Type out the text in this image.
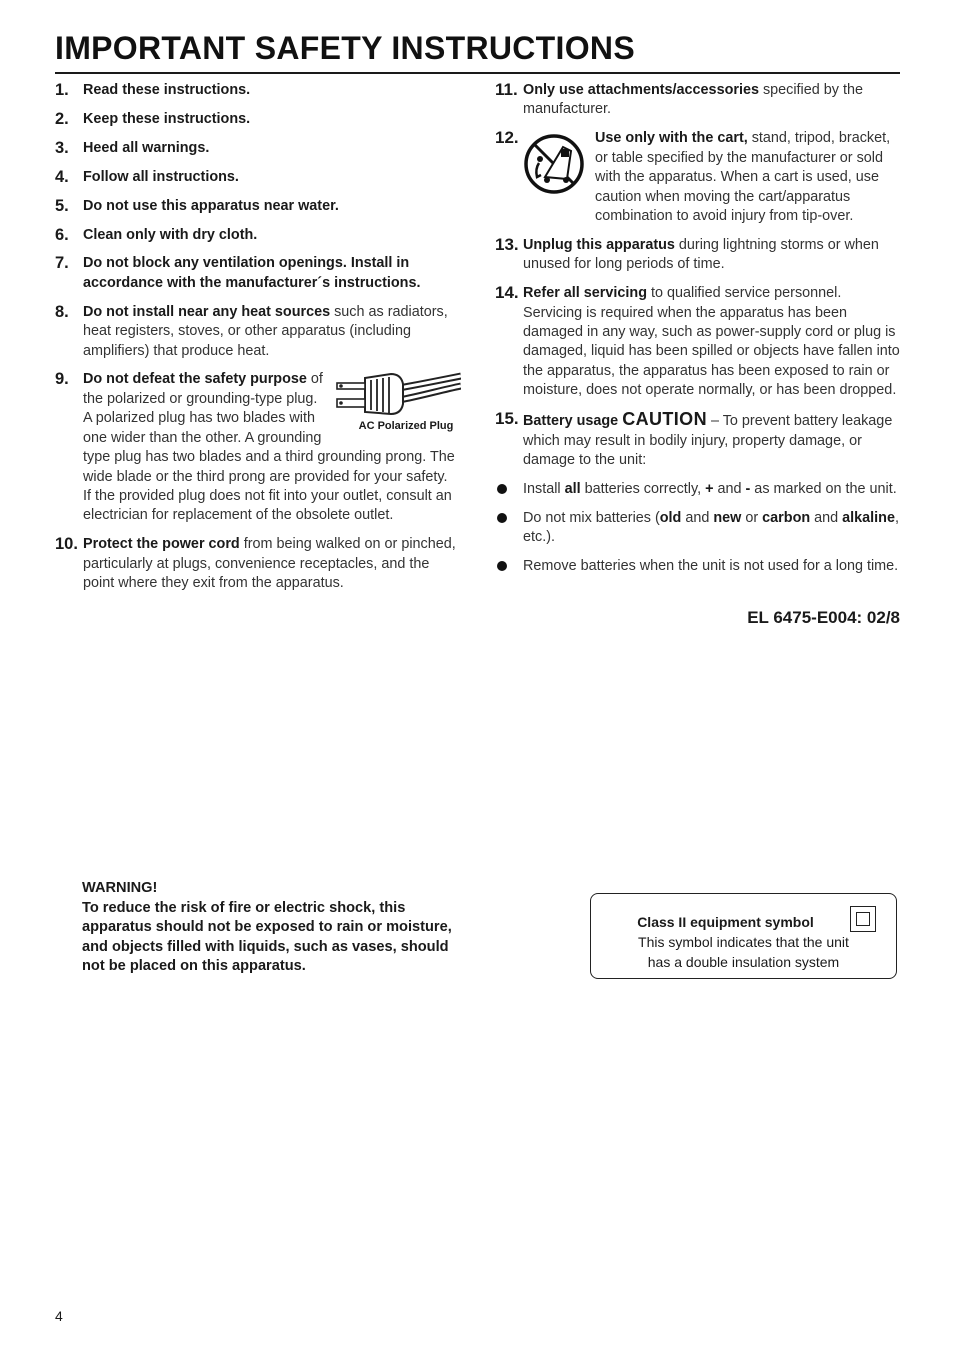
IMPORTANT SAFETY INSTRUCTIONS
1. Read these instructions.
2. Keep these instructions.
3. Heed all warnings.
4. Follow all instructions.
5. Do not use this apparatus near water.
6. Clean only with dry cloth.
7. Do not block any ventilation openings. Install in accordance with the manufacturer´s instructions.
8. Do not install near any heat sources such as radiators, heat registers, stoves, or other apparatus (including amplifiers) that produce heat.
9.
AC Polarized Plug
Do not defeat the safety purpose of the polarized or grounding-type plug. A polarized plug has two blades with one wider than the other. A grounding type plug has two blades and a third grounding prong. The wide blade or the third prong are provided for your safety. If the provided plug does not fit into your outlet, consult an electrician for replacement of the obsolete outlet.
10. Protect the power cord from being walked on or pinched, particularly at plugs, convenience receptacles, and the point where they exit from the apparatus.
11. Only use attachments/accessories specified by the manufacturer.
12.	Use only with the cart, stand, tripod, bracket, or table specified by the manufacturer or sold with the apparatus. When a cart is used, use caution when moving the cart/apparatus combination to avoid injury from tip-over.
13. Unplug this apparatus during lightning storms or when unused for long periods of time.
14. Refer all servicing to qualified service personnel. Servicing is required when the apparatus has been damaged in any way, such as power-supply cord or plug is damaged, liquid has been spilled or objects have fallen into the apparatus, the apparatus has been exposed to rain or moisture, does not operate normally, or has been dropped.
15. Battery usage CAUTION – To prevent battery leakage which may result in bodily injury, property damage, or damage to the unit:
Install all batteries correctly, + and - as marked on the unit.
Do not mix batteries (old and new or carbon and alkaline, etc.).
Remove batteries when the unit is not used for a long time.
EL 6475-E004: 02/8
WARNING!
To reduce the risk of fire or electric shock, this apparatus should not be exposed to rain or moisture, and objects filled with liquids, such as vases, should not be placed on this apparatus.
Class II equipment symbol
This symbol indicates that the unit has a double insulation system
4
